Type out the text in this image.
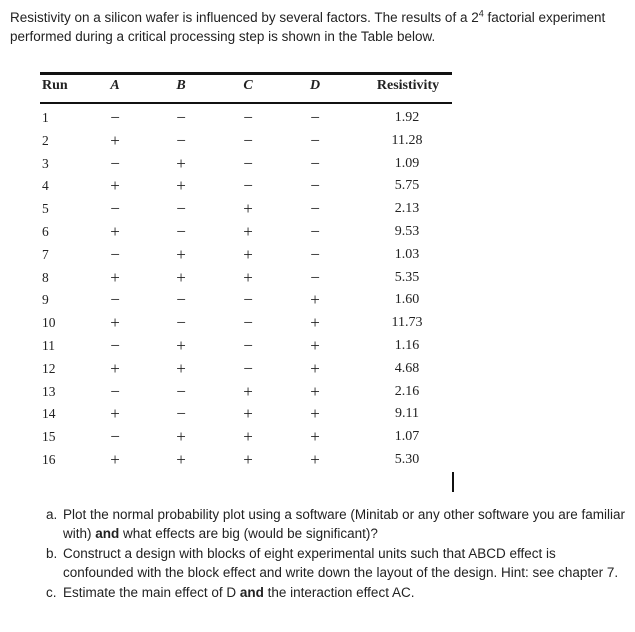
Resistivity on a silicon wafer is influenced by several factors. The results of a $2^4$ factorial experiment performed during a critical processing step is shown in the Table below.
Run	A	B	C	D	Resistivity
1	−	−	−	−	1.92
2	+	−	−	−	11.28
3	−	+	−	−	1.09
4	+	+	−	−	5.75
5	−	−	+	−	2.13
6	+	−	+	−	9.53
7	−	+	+	−	1.03
8	+	+	+	−	5.35
9	−	−	−	+	1.60
10	+	−	−	+	11.73
11	−	+	−	+	1.16
12	+	+	−	+	4.68
13	−	−	+	+	2.16
14	+	−	+	+	9.11
15	−	+	+	+	1.07
16	+	+	+	+	5.30
a. Plot the normal probability plot using a software (Minitab or any other software you are familiar with) and what effects are big (would be significant)?
b. Construct a design with blocks of eight experimental units such that ABCD effect is confounded with the block effect and write down the layout of the design. Hint: see chapter 7.
c. Estimate the main effect of D and the interaction effect AC.
